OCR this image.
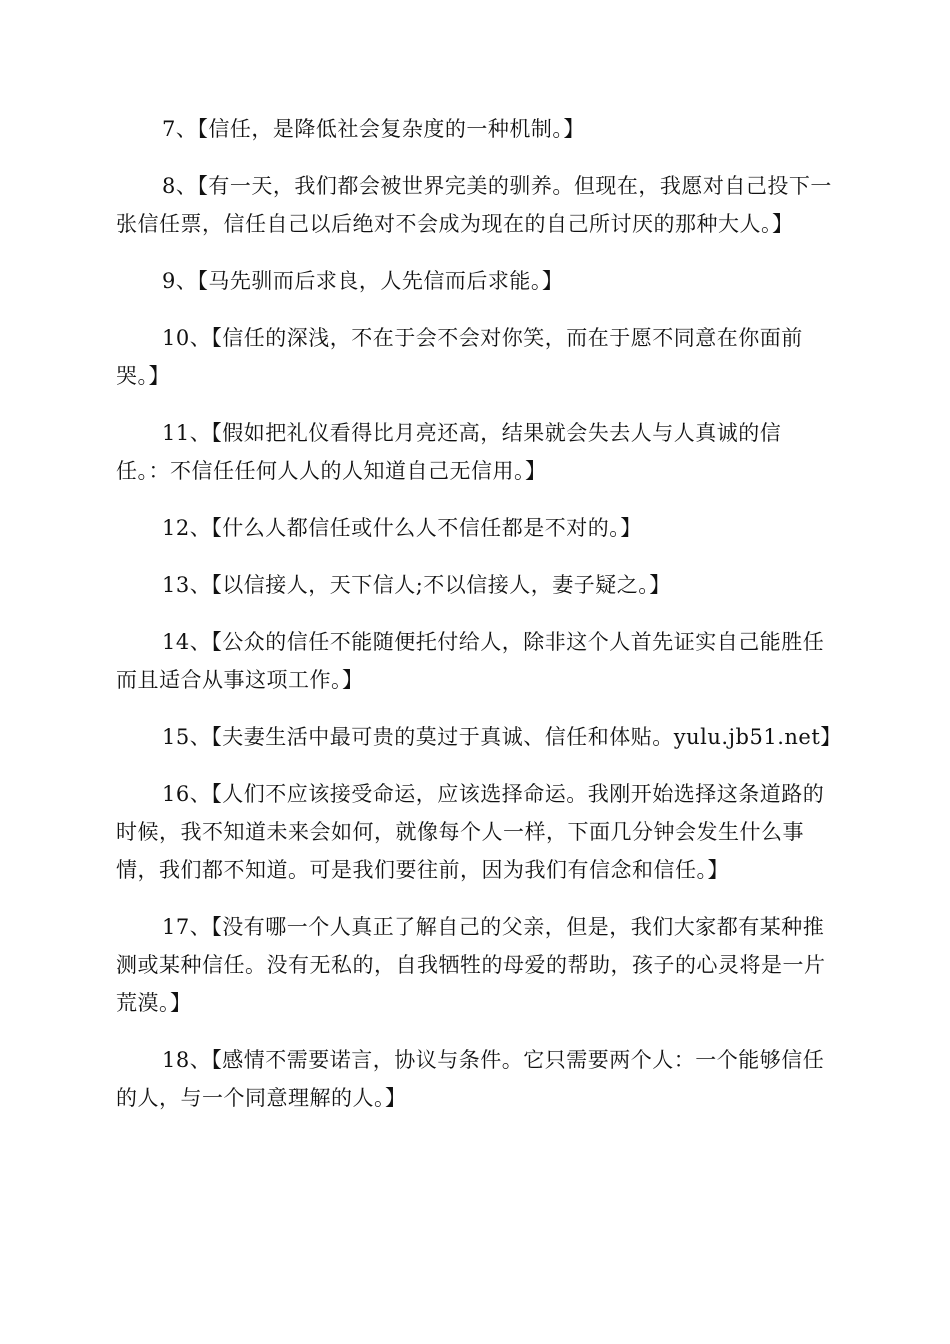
7、【信任，是降低社会复杂度的一种机制。】

8、【有一天，我们都会被世界完美的驯养。但现在，我愿对自己投下一张信任票，信任自己以后绝对不会成为现在的自己所讨厌的那种大人。】

9、【马先驯而后求良，人先信而后求能。】

10、【信任的深浅，不在于会不会对你笑，而在于愿不同意在你面前哭。】

11、【假如把礼仪看得比月亮还高，结果就会失去人与人真诚的信任。：不信任任何人人的人知道自己无信用。】

12、【什么人都信任或什么人不信任都是不对的。】

13、【以信接人，天下信人;不以信接人，妻子疑之。】

14、【公众的信任不能随便托付给人，除非这个人首先证实自己能胜任而且适合从事这项工作。】

15、【夫妻生活中最可贵的莫过于真诚、信任和体贴。yulu.jb51.net】

16、【人们不应该接受命运，应该选择命运。我刚开始选择这条道路的时候，我不知道未来会如何，就像每个人一样，下面几分钟会发生什么事情，我们都不知道。可是我们要往前，因为我们有信念和信任。】

17、【没有哪一个人真正了解自己的父亲，但是，我们大家都有某种推测或某种信任。没有无私的，自我牺牲的母爱的帮助，孩子的心灵将是一片荒漠。】

18、【感情不需要诺言，协议与条件。它只需要两个人：一个能够信任的人，与一个同意理解的人。】
